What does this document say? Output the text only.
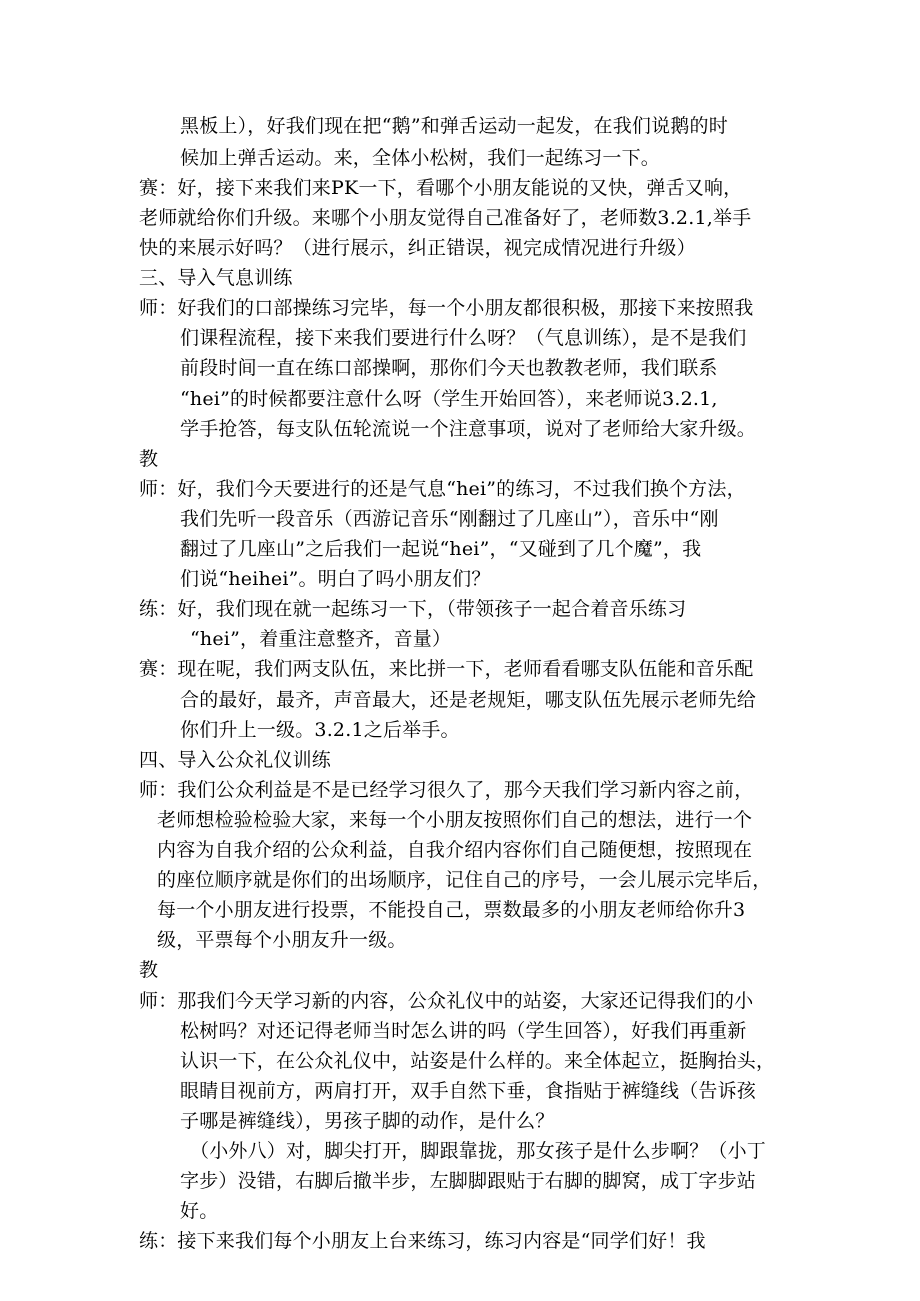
黑板上），好我们现在把“鹅”和弹舌运动一起发，在我们说鹅的时
候加上弹舌运动。来，全体小松树，我们一起练习一下。
赛：好，接下来我们来PK一下，看哪个小朋友能说的又快，弹舌又响，
老师就给你们升级。来哪个小朋友觉得自己准备好了，老师数3.2.1,举手
快的来展示好吗？（进行展示，纠正错误，视完成情况进行升级）
三、导入气息训练
师：好我们的口部操练习完毕，每一个小朋友都很积极，那接下来按照我
们课程流程，接下来我们要进行什么呀？（气息训练），是不是我们
前段时间一直在练口部操啊，那你们今天也教教老师，我们联系
“hei”的时候都要注意什么呀（学生开始回答），来老师说3.2.1,
学手抢答，每支队伍轮流说一个注意事项，说对了老师给大家升级。
教
师：好，我们今天要进行的还是气息“hei”的练习，不过我们换个方法，
我们先听一段音乐（西游记音乐“刚翻过了几座山”），音乐中“刚
翻过了几座山”之后我们一起说“hei”，“又碰到了几个魔”，我
们说“heihei”。明白了吗小朋友们？
练：好，我们现在就一起练习一下，（带领孩子一起合着音乐练习
“hei”，着重注意整齐，音量）
赛：现在呢，我们两支队伍，来比拼一下，老师看看哪支队伍能和音乐配
合的最好，最齐，声音最大，还是老规矩，哪支队伍先展示老师先给
你们升上一级。3.2.1之后举手。
四、导入公众礼仪训练
师：我们公众利益是不是已经学习很久了，那今天我们学习新内容之前，
老师想检验检验大家，来每一个小朋友按照你们自己的想法，进行一个
内容为自我介绍的公众利益，自我介绍内容你们自己随便想，按照现在
的座位顺序就是你们的出场顺序，记住自己的序号，一会儿展示完毕后，
每一个小朋友进行投票，不能投自己，票数最多的小朋友老师给你升3
级，平票每个小朋友升一级。
教
师：那我们今天学习新的内容，公众礼仪中的站姿，大家还记得我们的小
松树吗？对还记得老师当时怎么讲的吗（学生回答），好我们再重新
认识一下，在公众礼仪中，站姿是什么样的。来全体起立，挺胸抬头，
眼睛目视前方，两肩打开，双手自然下垂，食指贴于裤缝线（告诉孩
子哪是裤缝线），男孩子脚的动作，是什么？
（小外八）对，脚尖打开，脚跟靠拢，那女孩子是什么步啊？（小丁
字步）没错，右脚后撤半步，左脚脚跟贴于右脚的脚窝，成丁字步站
好。
练：接下来我们每个小朋友上台来练习，练习内容是“同学们好！我
